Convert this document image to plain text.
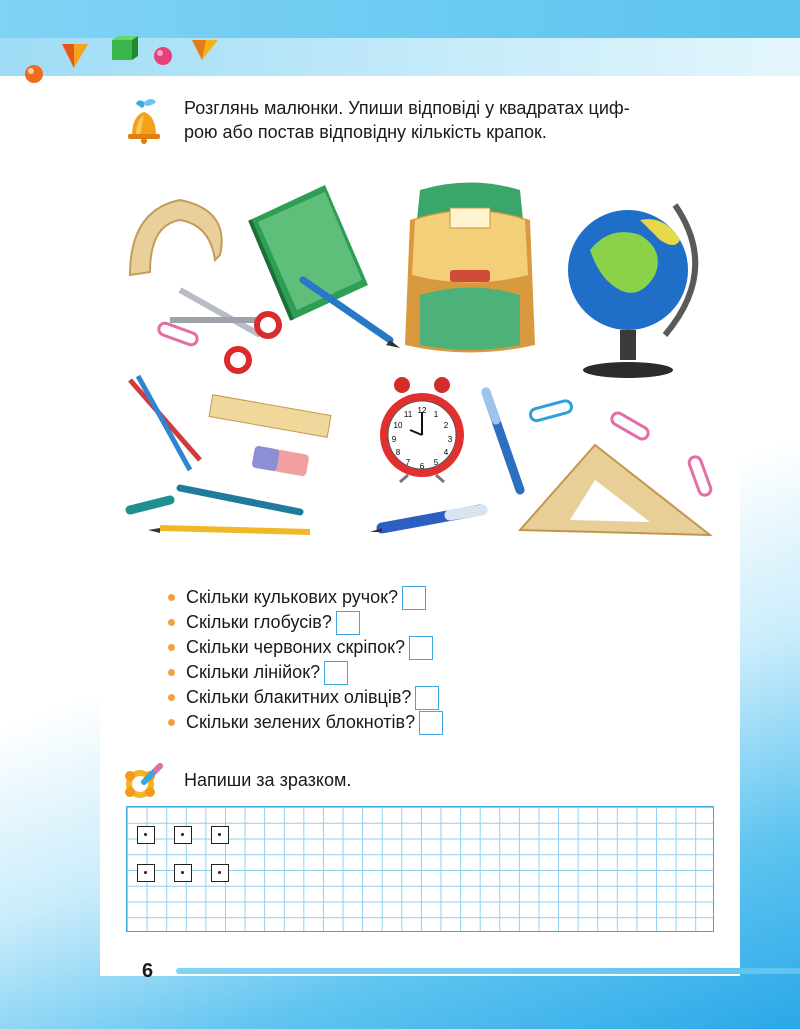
Розглянь малюнки. Упиши відповіді у квадратах циф-
рою або постав відповідну кількість крапок.
12 1
2
3
4
5
6
7
8
9
10
11
Скільки кулькових ручок?
Скільки глобусів?
Скільки червоних скріпок?
Скільки лінійок?
Скільки блакитних олівців?
Скільки зелених блокнотів?
Напиши за зразком.
6
